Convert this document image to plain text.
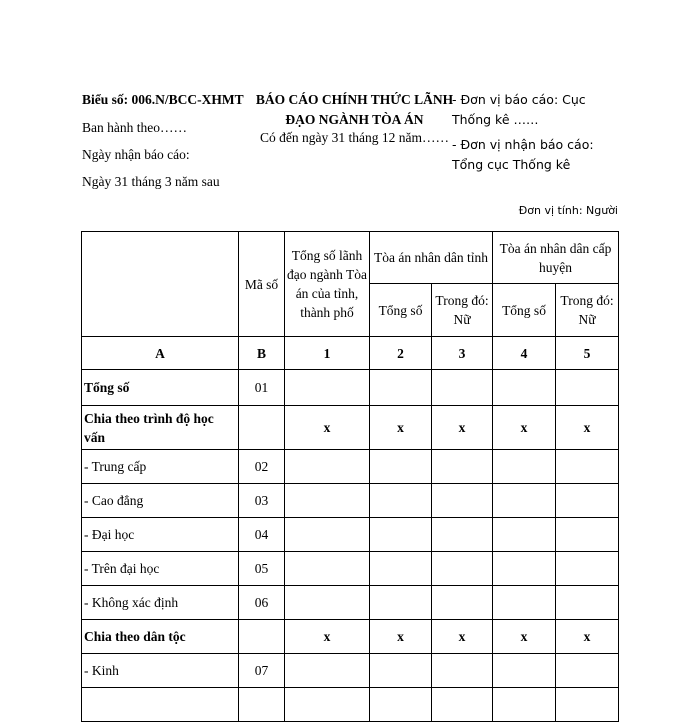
Biểu số: 006.N/BCC-XHMT
Ban hành theo……
Ngày nhận báo cáo:
Ngày 31 tháng 3 năm sau
BÁO CÁO CHÍNH THỨC LÃNH ĐẠO NGÀNH TÒA ÁN
Có đến ngày 31 tháng 12 năm……
- Đơn vị báo cáo: Cục Thống kê ……
- Đơn vị nhận báo cáo: Tổng cục Thống kê
Đơn vị tính: Người
	Mã số	Tổng số lãnh đạo ngành Tòa án của tỉnh, thành phố	Tòa án nhân dân tỉnh		Tòa án nhân dân cấp huyện	
			Tổng số	Trong đó: Nữ	Tổng số	Trong đó: Nữ
A	B	1	2	3	4	5
Tổng số	01					
Chia theo trình độ học vấn		x	x	x	x	x
- Trung cấp	02					
- Cao đẳng	03					
- Đại học	04					
- Trên đại học	05					
- Không xác định	06					
Chia theo dân tộc		x	x	x	x	x
- Kinh	07					
